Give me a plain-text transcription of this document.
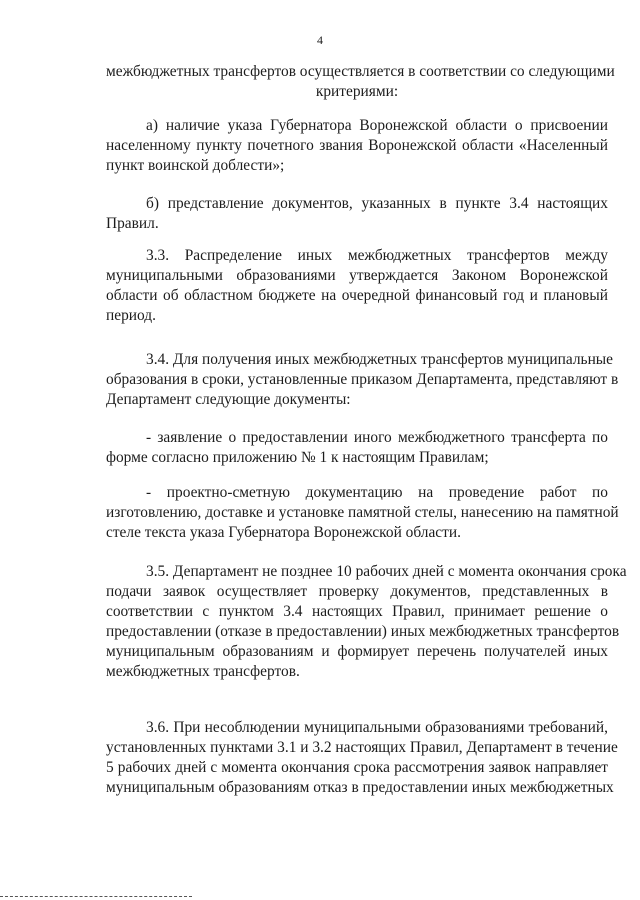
4
межбюджетных трансфертов осуществляется в соответствии со следующими
критериями:
а) наличие указа Губернатора Воронежской области о присвоении
населенному пункту почетного звания Воронежской области «Населенный
пункт воинской доблести»;
б) представление документов, указанных в пункте 3.4 настоящих
Правил.
3.3. Распределение иных межбюджетных трансфертов между
муниципальными образованиями утверждается Законом Воронежской
области об областном бюджете на очередной финансовый год и плановый
период.
3.4. Для получения иных межбюджетных трансфертов муниципальные
образования в сроки, установленные приказом Департамента, представляют в
Департамент следующие документы:
- заявление о предоставлении иного межбюджетного трансферта по
форме согласно приложению № 1 к настоящим Правилам;
- проектно-сметную документацию на проведение работ по
изготовлению, доставке и установке памятной стелы, нанесению на памятной
стеле текста указа Губернатора Воронежской области.
3.5. Департамент не позднее 10 рабочих дней с момента окончания срока
подачи заявок осуществляет проверку документов, представленных в
соответствии с пунктом 3.4 настоящих Правил, принимает решение о
предоставлении (отказе в предоставлении) иных межбюджетных трансфертов
муниципальным образованиям и формирует перечень получателей иных
межбюджетных трансфертов.
3.6. При несоблюдении муниципальными образованиями требований,
установленных пунктами 3.1 и 3.2 настоящих Правил, Департамент в течение
5 рабочих дней с момента окончания срока рассмотрения заявок направляет
муниципальным образованиям отказ в предоставлении иных межбюджетных
